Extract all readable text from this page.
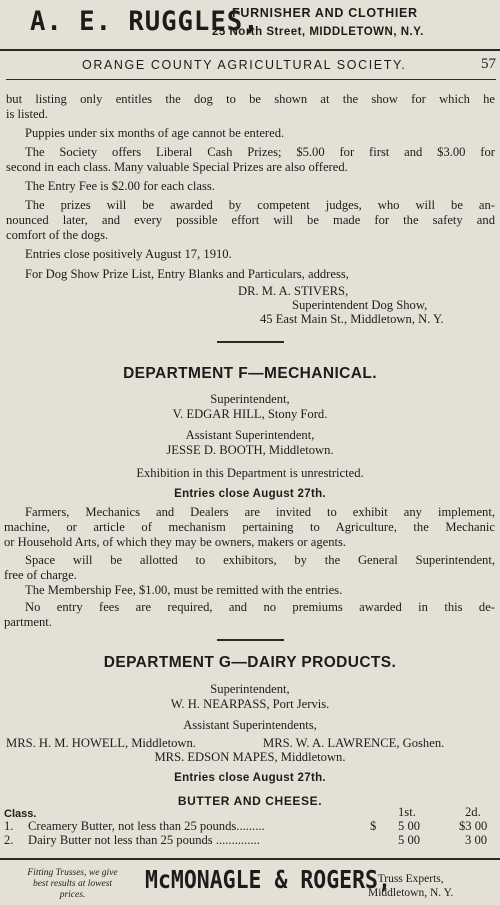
A. E. RUGGLES,
FURNISHER AND CLOTHIER
25 North Street, MIDDLETOWN, N.Y.
ORANGE COUNTY AGRICULTURAL SOCIETY.	57
but listing only entitles the dog to be shown at the show for which he
is listed.
Puppies under six months of age cannot be entered.
The Society offers Liberal Cash Prizes; $5.00 for first and $3.00 for
second in each class. Many valuable Special Prizes are also offered.
The Entry Fee is $2.00 for each class.
The prizes will be awarded by competent judges, who will be an-
nounced later, and every possible effort will be made for the safety and
comfort of the dogs.
Entries close positively August 17, 1910.
For Dog Show Prize List, Entry Blanks and Particulars, address,
DR. M. A. STIVERS,
Superintendent Dog Show,
45 East Main St., Middletown, N. Y.
DEPARTMENT F—MECHANICAL.
Superintendent,
V. EDGAR HILL, Stony Ford.
Assistant Superintendent,
JESSE D. BOOTH, Middletown.
Exhibition in this Department is unrestricted.
Entries close August 27th.
Farmers, Mechanics and Dealers are invited to exhibit any implement,
machine, or article of mechanism pertaining to Agriculture, the Mechanic
or Household Arts, of which they may be owners, makers or agents.
Space will be allotted to exhibitors, by the General Superintendent,
free of charge.
The Membership Fee, $1.00, must be remitted with the entries.
No entry fees are required, and no premiums awarded in this de-
partment.
DEPARTMENT G—DAIRY PRODUCTS.
Superintendent,
W. H. NEARPASS, Port Jervis.
Assistant Superintendents,
MRS. H. M. HOWELL, Middletown.	MRS. W. A. LAWRENCE, Goshen.
MRS. EDSON MAPES, Middletown.
Entries close August 27th.
BUTTER AND CHEESE.
Class.	1st.	2d.
1. Creamery Butter, not less than 25 pounds.........	$ 5 00	$3 00
2. Dairy Butter not less than 25 pounds ..............	5 00	3 00
Fitting Trusses, we give
best results at lowest
prices.
McMONAGLE & ROGERS,
Truss Experts,
Middletown, N. Y.
